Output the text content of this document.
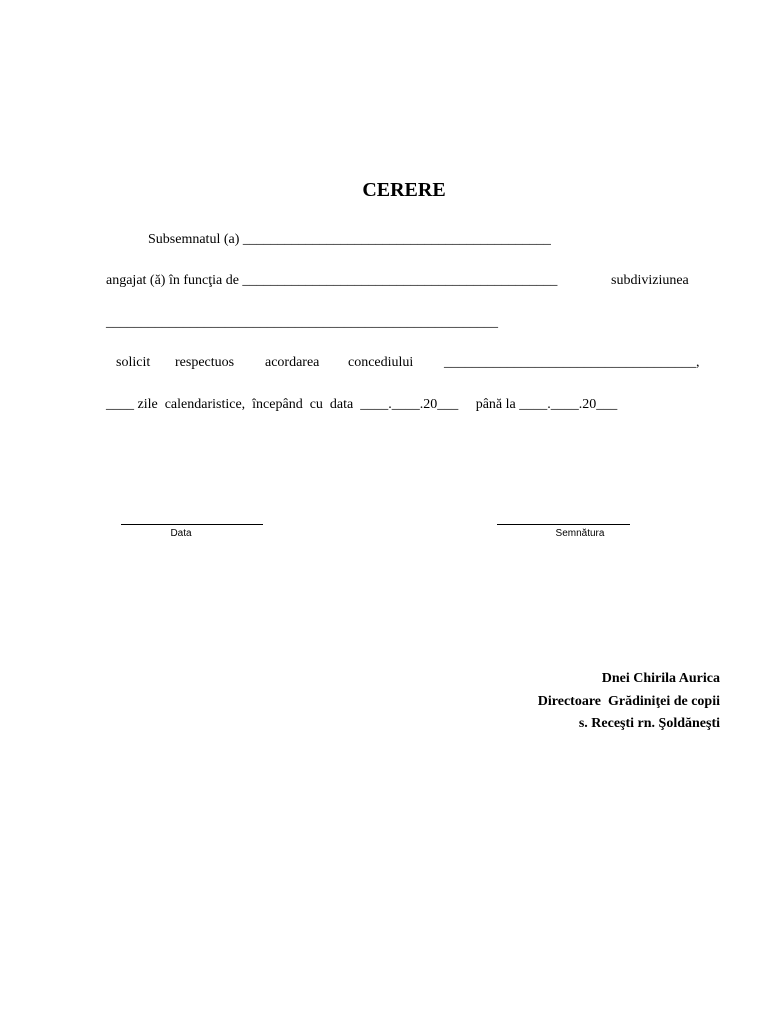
CERERE
Subsemnatul (a) ____________________________________________
angajat (ă) în funcţia de _____________________________________________	subdiviziunea
________________________________________________________
solicit respectuos acordarea concediului ____________________________________,
____ zile  calendaristice,  începând  cu  data  ____.____.20___     până la ____.____.20___
Data	Semnătura
Dnei Chirila Aurica
Directoare  Grădiniţei de copii
s. Receşti rn. Şoldăneşti
